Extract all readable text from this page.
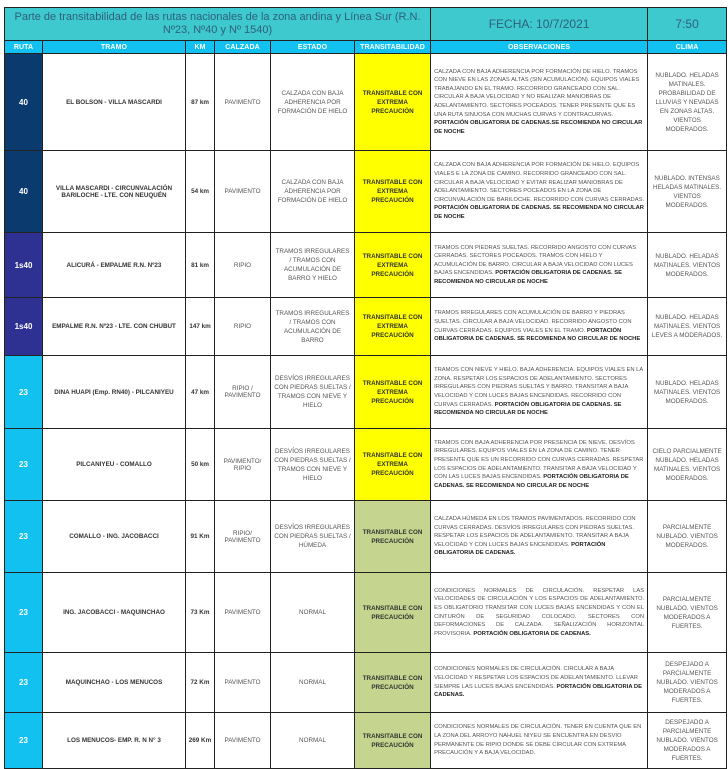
Parte de transitabilidad de las rutas nacionales de la zona andina y Línea Sur (R.N. Nº23, Nº40 y Nº 1540)						FECHA: 10/7/2021	7:50
RUTA	TRAMO	KM	CALZADA	ESTADO	TRANSITABILIDAD	OBSERVACIONES	CLIMA
40	EL BOLSON - VILLA MASCARDI	87 km	PAVIMENTO	CALZADA CON BAJA ADHERENCIA POR FORMACIÓN DE HIELO	TRANSITABLE CON EXTREMA PRECAUCIÓN	CALZADA CON BAJA ADHERENCIA POR FORMACIÓN DE HIELO. TRAMOS CON NIEVE EN LAS ZONAS ALTAS (SIN ACUMULACIÓN). EQUIPOS VIALES TRABAJANDO EN EL TRAMO. RECORRIDO GRANCEADO CON SAL. CIRCULAR A BAJA VELOCIDAD Y NO REALIZAR MANIOBRAS DE ADELANTAMIENTO. SECTORES POCEADOS. TENER PRESENTE QUE ES UNA RUTA SINUOSA CON MUCHAS CURVAS Y CONTRACURVAS. PORTACIÓN OBLIGATORIA DE CADENAS.SE RECOMIENDA NO CIRCULAR DE NOCHE	NUBLADO. HELADAS MATINALES. PROBABILIDAD DE LLUVIAS Y NEVADAS EN ZONAS ALTAS. VIENTOS MODERADOS.
40	VILLA MASCARDI - CIRCUNVALACIÓN BARILOCHE - LTE. CON NEUQUÉN	54 km	PAVIMENTO	CALZADA CON BAJA ADHERENCIA POR FORMACIÓN DE HIELO	TRANSITABLE CON EXTREMA PRECAUCIÓN	CALZADA CON BAJA ADHERENCIA POR FORMACIÓN DE HIELO. EQUIPOS VIALES E LA ZONA DE CAMINO. RECORRIDO GRANCEADO CON SAL. CIRCULAR A BAJA VELOCIDAD Y EVITAR REALIZAR MANIOBRAS DE ADELANTAMIENTO. SECTORES POCEADOS EN LA ZONA DE CIRCUNVALACIÓN DE BARILOCHE. RECORRIDO CON CURVAS CERRADAS. PORTACIÓN OBLIGATORIA DE CADENAS. SE RECOMIENDA NO CIRCULAR DE NOCHE	NUBLADO. INTENSAS HELADAS MATINALES. VIENTOS MODERADOS.
1s40	ALICURÁ - EMPALME R.N. Nº23	81 km	RIPIO	TRAMOS IRREGULARES / TRAMOS CON ACUMULACIÓN DE BARRO Y HIELO	TRANSITABLE CON EXTREMA PRECAUCIÓN	TRAMOS CON PIEDRAS SUELTAS. RECORRIDO ANGOSTO CON CURVAS CERRADAS. SECTORES POCEADOS. TRAMOS CON HIELO Y ACUMULACIÓN DE BARRO. CIRCULAR A BAJA VELOCIDAD CON LUCES BAJAS ENCENDIDAS. PORTACIÓN OBLIGATORIA DE CADENAS. SE RECOMIENDA NO CIRCULAR DE NOCHE	NUBLADO. HELADAS MATINALES. VIENTOS MODERADOS.
1s40	EMPALME R.N. Nº23 - LTE. CON CHUBUT	147 km	RIPIO	TRAMOS IRREGULARES / TRAMOS CON ACUMULACIÓN DE BARRO	TRANSITABLE CON EXTREMA PRECAUCIÓN	TRAMOS IRREGULARES CON ACUMULACIÓN DE BARRO Y PIEDRAS SUELTAS. CIRCULAR A BAJA VELOCIDAD. RECORRIDO ANGOSTO CON CURVAS CERRADAS. EQUIPOS VIALES EN EL TRAMO. PORTACIÓN OBLIGATORIA DE CADENAS. SE RECOMIENDA NO CIRCULAR DE NOCHE	NUBLADO. HELADAS MATINALES. VIENTOS LEVES A MODERADOS.
23	DINA HUAPI (Emp. RN40) - PILCANIYEU	47 km	RIPIO / PAVIMENTO	DESVÍOS IRREGULARES CON PIEDRAS SUELTAS / TRAMOS CON NIEVE Y HIELO	TRANSITABLE CON EXTREMA PRECAUCIÓN	TRAMOS CON NIEVE Y HIELO. BAJA ADHERENCIA. EQUIPOS VIALES EN LA ZONA. RESPETAR LOS ESPACIOS DE ADELANTAMIENTO. SECTORES IRREGULARES CON PIEDRAS SUELTAS Y BARRO. TRANSITAR A BAJA VELOCIDAD Y CON LUCES BAJAS ENCENDIDAS. RECORRIDO CON CURVAS CERRADAS. PORTACIÓN OBLIGATORIA DE CADENAS. SE RECOMIENDA NO CIRCULAR DE NOCHE	NUBLADO. HELADAS MATINALES. VIENTOS MODERADOS.
23	PILCANIYEU - COMALLO	50 km	PAVIMENTO/ RIPIO	DESVÍOS IRREGULARES CON PIEDRAS SUELTAS / TRAMOS CON NIEVE Y HIELO	TRANSITABLE CON EXTREMA PRECAUCIÓN	TRAMOS CON BAJA ADHERENCIA POR PRESENCIA DE NIEVE. DESVÍOS IRREGULARES. EQUIPOS VIALES EN LA ZONA DE CAMINO. TENER PRESENTE QUE ES UN RECORRIDO CON CURVAS CERRADAS. RESPETAR LOS ESPACIOS DE ADELANTAMIENTO. TRANSITAR A BAJA VELOCIDAD Y CON LAS LUCES BAJAS ENCENDIDAS. PORTACIÓN OBLIGATORIA DE CADENAS. SE RECOMIENDA NO CIRCULAR DE NOCHE	CIELO PARCIALMENTE NUBLADO. HELADAS MATINALES. VIENTOS MODERADOS.
23	COMALLO - ING. JACOBACCI	91 Km	RIPIO/ PAVIMENTO	DESVÍOS IRREGULARES CON PIEDRAS SUELTAS / HÚMEDA	TRANSITABLE CON PRECAUCIÓN	CALZADA HÚMEDA EN LOS TRAMOS PAVIMENTADOS. RECORRIDO CON CURVAS CERRADAS. DESVÍOS IRREGULARES CON PIEDRAS SUELTAS. RESPETAR LOS ESPACIOS DE ADELANTAMIENTO. TRANSITAR A BAJA VELOCIDAD Y CON LUCES BAJAS ENCENDIDAS. PORTACIÓN OBLIGATORIA DE CADENAS.	PARCIALMENTE NUBLADO. VIENTOS MODERADOS.
23	ING. JACOBACCI - MAQUINCHAO	73 Km	PAVIMENTO	NORMAL	TRANSITABLE CON PRECAUCIÓN	CONDICIONES NORMALES DE CIRCULACIÓN. RESPETAR LAS VELOCIDADES DE CIRCULACIÓN Y LOS ESPACIOS DE ADELANTAMIENTO. ES OBLIGATORIO TRANSITAR CON LUCES BAJAS ENCENDIDAS Y CON EL CINTURÓN DE SEGURIDAD COLOCADO. SECTORES CON DEFORMACIONES DE CALZADA. SEÑALIZACIÓN HORIZONTAL PROVISORIA. PORTACIÓN OBLIGATORIA DE CADENAS.	PARCIALMENTE NUBLADO. VIENTOS MODERADOS A FUERTES.
23	MAQUINCHAO - LOS MENUCOS	72 Km	PAVIMENTO	NORMAL	TRANSITABLE CON PRECAUCIÓN	CONDICIONES NORMALES DE CIRCULACIÓN. CIRCULAR A BAJA VELOCIDAD Y RESPETAR LOS ESPACIOS DE ADELANTAMIENTO. LLEVAR SIEMPRE LAS LUCES BAJAS ENCENDIDAS. PORTACIÓN OBLIGATORIA DE CADENAS.	DESPEJADO A PARCIALMENTE NUBLADO. VIENTOS MODERADOS A FUERTES.
23	LOS MENUCOS- EMP. R. N N° 3	269 Km	PAVIMENTO	NORMAL	TRANSITABLE CON PRECAUCIÓN	CONDICIONES NORMALES DE CIRCULACIÓN. TENER EN CUENTA QUE EN LA ZONA DEL ARROYO NAHUEL NIYEU SE ENCUENTRA EN DESVIO PERMANENTE DE RIPIO DONDE SE DEBE CIRCULAR CON EXTREMA PRECAUCIÓN Y A BAJA VELOCIDAD.	DESPEJADO A PARCIALMENTE NUBLADO. VIENTOS MODERADOS A FUERTES.
